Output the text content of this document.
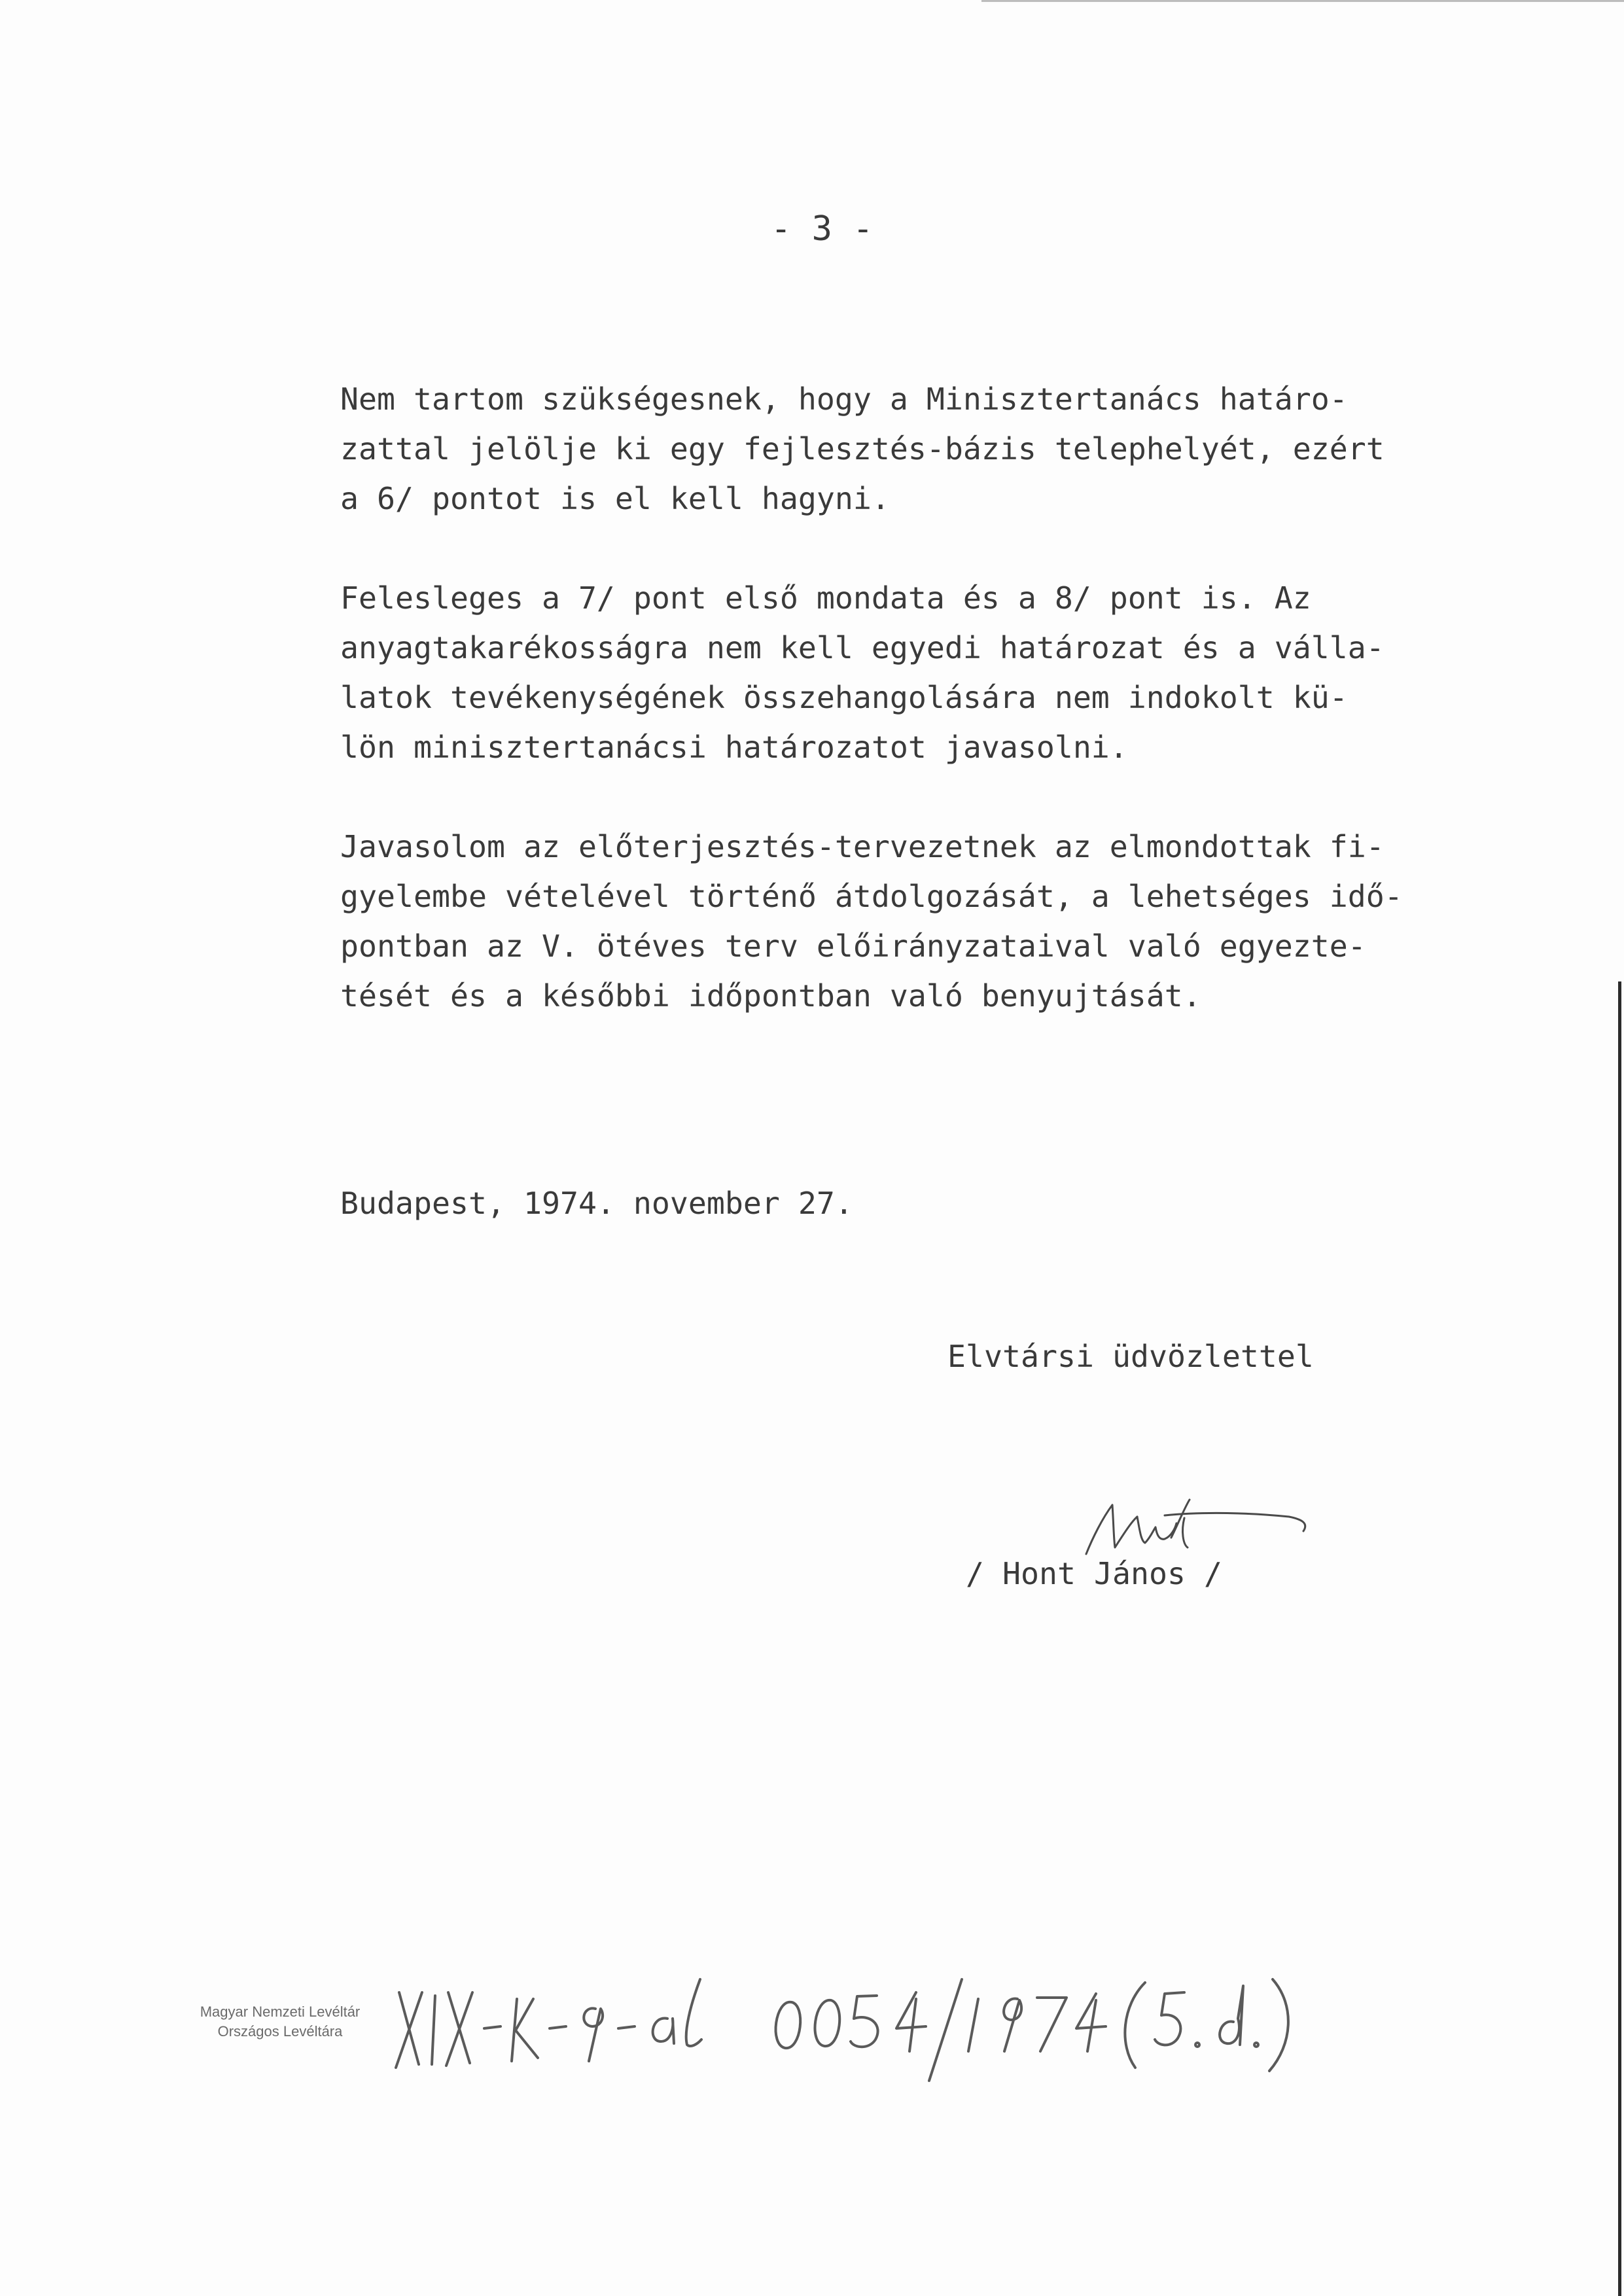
- 3 -

Nem tartom szükségesnek, hogy a Minisztertanács határo-
zattal jelölje ki egy fejlesztés-bázis telephelyét, ezért
a 6/ pontot is el kell hagyni.

Felesleges a 7/ pont első mondata és a 8/ pont is. Az
anyagtakarékosságra nem kell egyedi határozat és a válla-
latok tevékenységének összehangolására nem indokolt kü-
lön minisztertanácsi határozatot javasolni.

Javasolom az előterjesztés-tervezetnek az elmondottak fi-
gyelembe vételével történő átdolgozását, a lehetséges idő-
pontban az V. ötéves terv előirányzataival való egyezte-
tését és a későbbi időpontban való benyujtását.

Budapest, 1974. november 27.
Elvtársi üdvözlettel
/ Hont János /
Magyar Nemzeti Levéltár
Országos Levéltára
